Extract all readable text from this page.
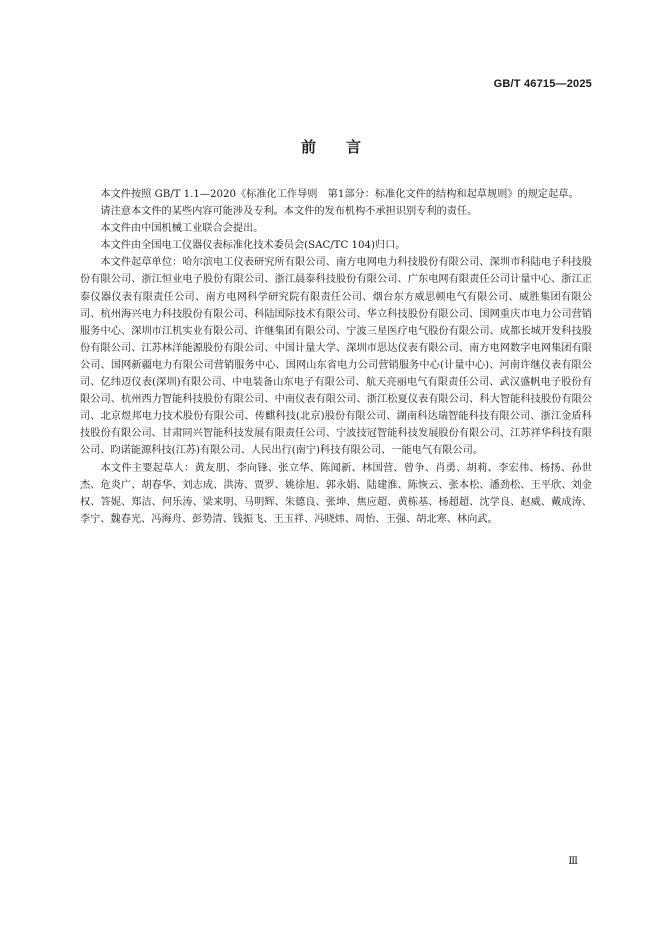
GB/T 46715—2025
前言

本文件按照 GB/T 1.1—2020《标准化工作导则　第1部分：标准化文件的结构和起草规则》的规定起草。

请注意本文件的某些内容可能涉及专利。本文件的发布机构不承担识别专利的责任。

本文件由中国机械工业联合会提出。

本文件由全国电工仪器仪表标准化技术委员会(SAC/TC 104)归口。

本文件起草单位：哈尔滨电工仪表研究所有限公司、南方电网电力科技股份有限公司、深圳市科陆电子科技股份有限公司、浙江恒业电子股份有限公司、浙江晨泰科技股份有限公司、广东电网有限责任公司计量中心、浙江正泰仪器仪表有限责任公司、南方电网科学研究院有限责任公司、烟台东方威思顿电气有限公司、威胜集团有限公司、杭州海兴电力科技股份有限公司、科陆国际技术有限公司、华立科技股份有限公司、国网重庆市电力公司营销服务中心、深圳市江机实业有限公司、许继集团有限公司、宁波三星医疗电气股份有限公司、成都长城开发科技股份有限公司、江苏林洋能源股份有限公司、中国计量大学、深圳市思达仪表有限公司、南方电网数字电网集团有限公司、国网新疆电力有限公司营销服务中心、国网山东省电力公司营销服务中心(计量中心)、河南许继仪表有限公司、亿纬迈仪表(深圳)有限公司、中电装备山东电子有限公司、航天亮丽电气有限责任公司、武汉盛帆电子股份有限公司、杭州西力智能科技股份有限公司、中南仪表有限公司、浙江松夏仪表有限公司、科大智能科技股份有限公司、北京煜邦电力技术股份有限公司、传麒科技(北京)股份有限公司、湖南科达瑞智能科技有限公司、浙江金盾科技股份有限公司、甘肃同兴智能科技发展有限责任公司、宁波技冠智能科技发展股份有限公司、江苏祥华科技有限公司、昀诺能源科技(江苏)有限公司、人民出行(南宁)科技有限公司、一能电气有限公司。

本文件主要起草人：黄友朋、李向锋、张立华、陈闻新、林国营、曾争、肖勇、胡莉、李宏伟、杨扬、孙世杰、危炎广、胡春华、刘志成、洪涛、贾罗、姚徐旭、郭永娟、陆建淮、陈恢云、张本松、潘劲松、王平欣、刘金权、答妮、郑洁、何乐涛、梁来明、马明辉、朱德良、张坤、焦应超、黄栋基、杨超超、沈学良、赵威、戴成涛、李宁、魏春光、冯海舟、彭势清、钱振飞、王玉祥、冯晓炜、周怡、王强、胡北寒、林向武。

Ⅲ
